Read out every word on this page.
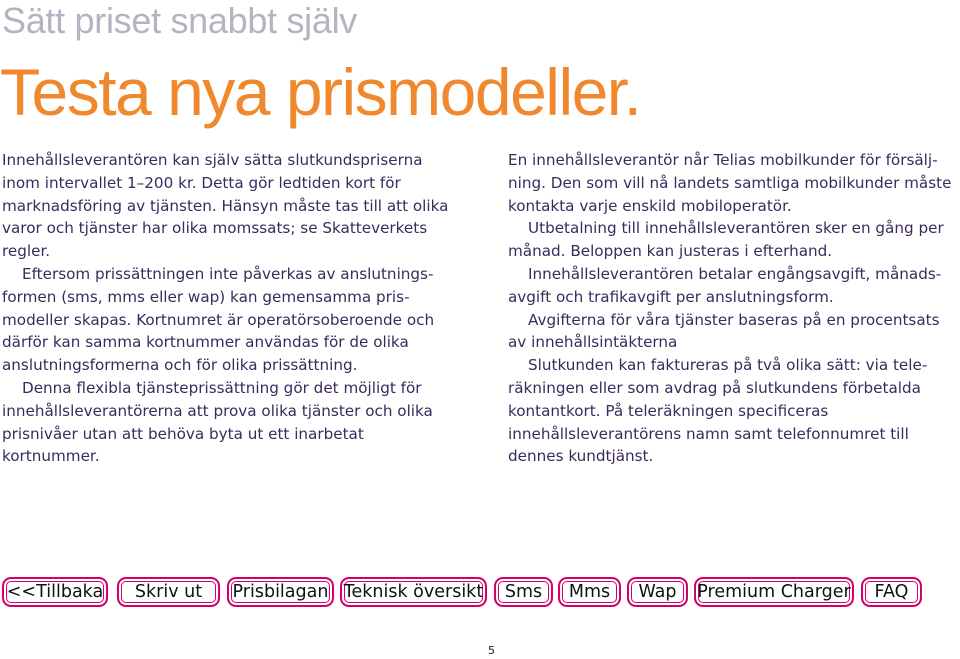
Sätt priset snabbt själv
Testa nya prismodeller.

Innehållsleverantören kan själv sätta slutkundspriserna inom intervallet 1–200 kr. Detta gör ledtiden kort för marknadsföring av tjänsten. Hänsyn måste tas till att olika varor och tjänster har olika momssats; se Skatteverkets regler.

Eftersom prissättningen inte påverkas av anslutningsformen (sms, mms eller wap) kan gemensamma prismodeller skapas. Kortnumret är operatörsoberoende och därför kan samma kortnummer användas för de olika anslutningsformerna och för olika prissättning.

Denna flexibla tjänsteprissättning gör det möjligt för innehållsleverantörerna att prova olika tjänster och olika prisnivåer utan att behöva byta ut ett inarbetat kortnummer.

En innehållsleverantör når Telias mobilkunder för försäljning. Den som vill nå landets samtliga mobilkunder måste kontakta varje enskild mobiloperatör.

Utbetalning till innehållsleverantören sker en gång per månad. Beloppen kan justeras i efterhand.

Innehållsleverantören betalar engångsavgift, månadsavgift och trafikavgift per anslutningsform.

Avgifterna för våra tjänster baseras på en procentsats av innehållsintäkterna

Slutkunden kan faktureras på två olika sätt: via teleräkningen eller som avdrag på slutkundens förbetalda kontantkort. På teleräkningen specificeras innehållsleverantörens namn samt telefonnumret till dennes kundtjänst.

<<Tillbaka	Skriv ut	Prisbilagan Teknisk översikt	Sms	Mms	Wap	Premium Charger	FAQ
5
